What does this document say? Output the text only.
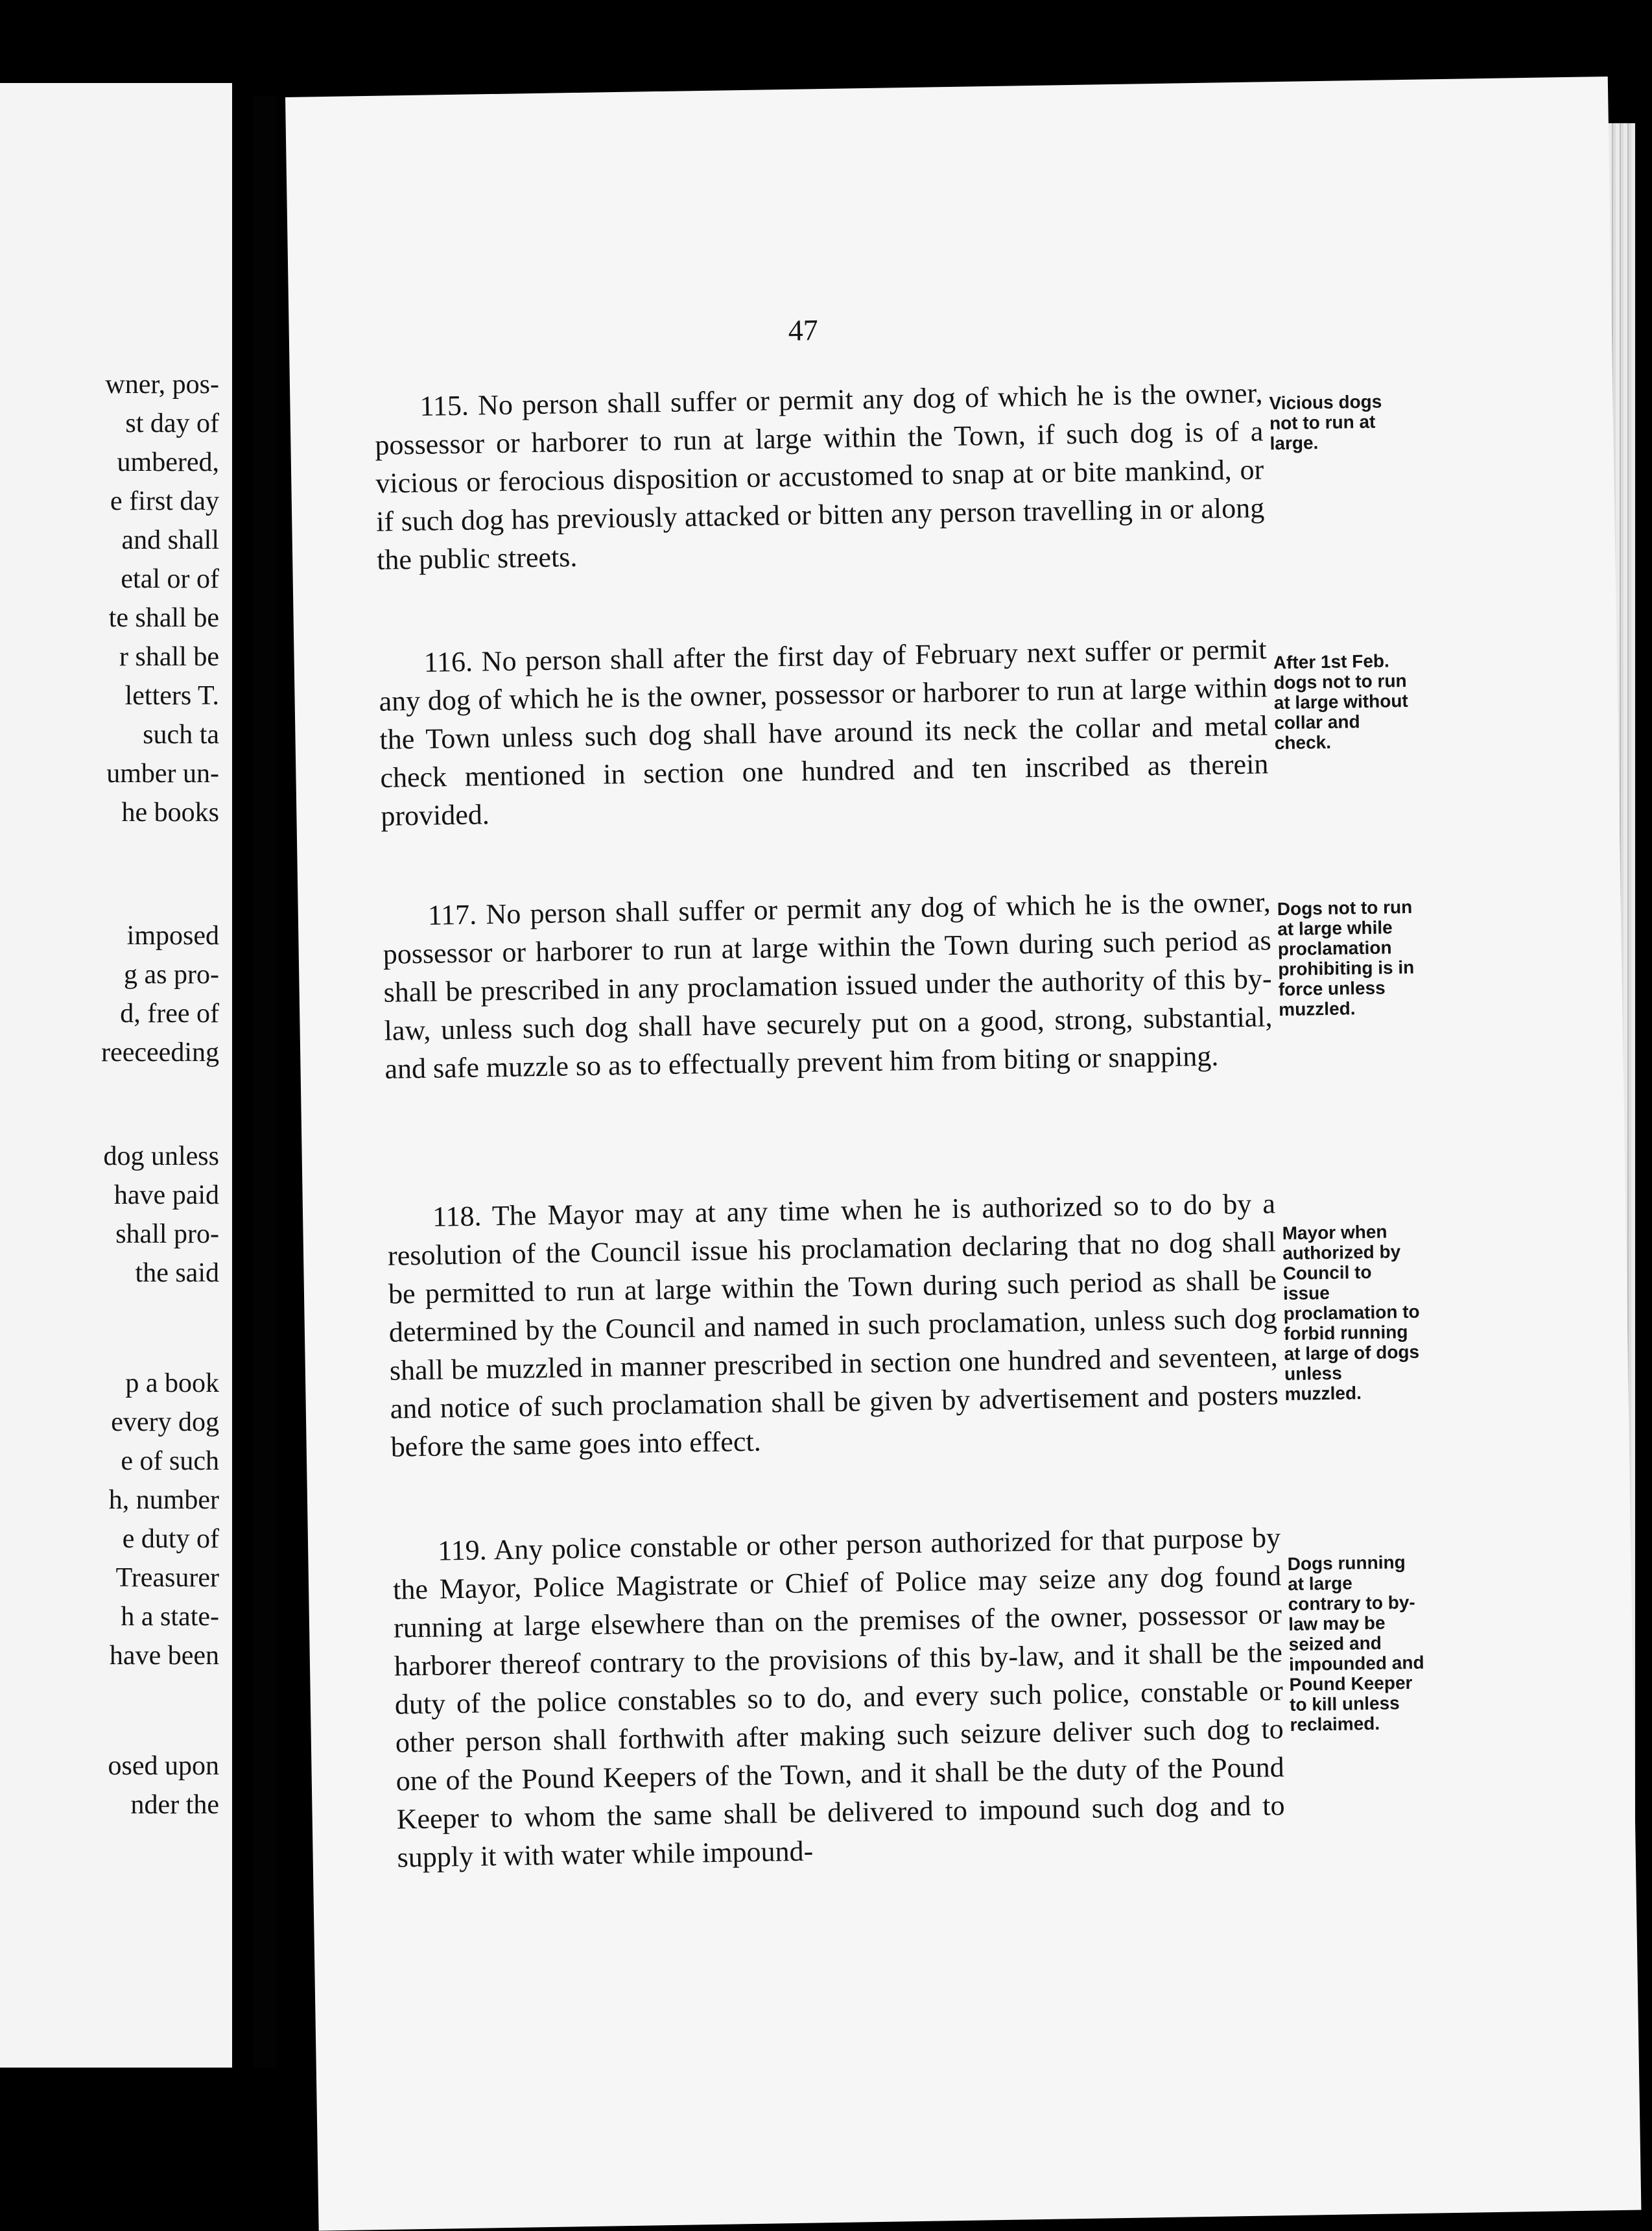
wner, pos-
st day of
umbered,
e first day
and shall
etal or of
te shall be
r shall be
letters T.
such ta
umber un-
he books
imposed
g as pro-
d, free of
reeceeding
dog unless
have paid
shall pro-
the said
p a book
every dog
e of such
h, number
e duty of
Treasurer
h a state-
have been
osed upon
nder the
47

115. No person shall suffer or permit any dog of which he is the owner, possessor or harborer to run at large within the Town, if such dog is of a vicious or ferocious disposition or accustomed to snap at or bite mankind, or if such dog has previously attacked or bitten any person travelling in or along the public streets.

Vicious dogs not to run at large.

116. No person shall after the first day of February next suffer or permit any dog of which he is the owner, possessor or harborer to run at large within the Town unless such dog shall have around its neck the collar and metal check mentioned in section one hundred and ten inscribed as therein provided.

After 1st Feb. dogs not to run at large without collar and check.

117. No person shall suffer or permit any dog of which he is the owner, possessor or harborer to run at large within the Town during such period as shall be prescribed in any proclamation issued under the authority of this by-law, unless such dog shall have securely put on a good, strong, substantial, and safe muzzle so as to effectually prevent him from biting or snapping.

Dogs not to run at large while proclamation prohibiting is in force unless muzzled.

118. The Mayor may at any time when he is authorized so to do by a resolution of the Council issue his proclamation declaring that no dog shall be permitted to run at large within the Town during such period as shall be determined by the Council and named in such proclamation, unless such dog shall be muzzled in manner prescribed in section one hundred and seventeen, and notice of such proclamation shall be given by advertisement and posters before the same goes into effect.

Mayor when authorized by Council to issue proclamation to forbid running at large of dogs unless muzzled.

119. Any police constable or other person authorized for that purpose by the Mayor, Police Magistrate or Chief of Police may seize any dog found running at large elsewhere than on the premises of the owner, possessor or harborer thereof contrary to the provisions of this by-law, and it shall be the duty of the police constables so to do, and every such police, constable or other person shall forthwith after making such seizure deliver such dog to one of the Pound Keepers of the Town, and it shall be the duty of the Pound Keeper to whom the same shall be delivered to impound such dog and to supply it with water while impound-

Dogs running at large contrary to by-law may be seized and impounded and Pound Keeper to kill unless reclaimed.
